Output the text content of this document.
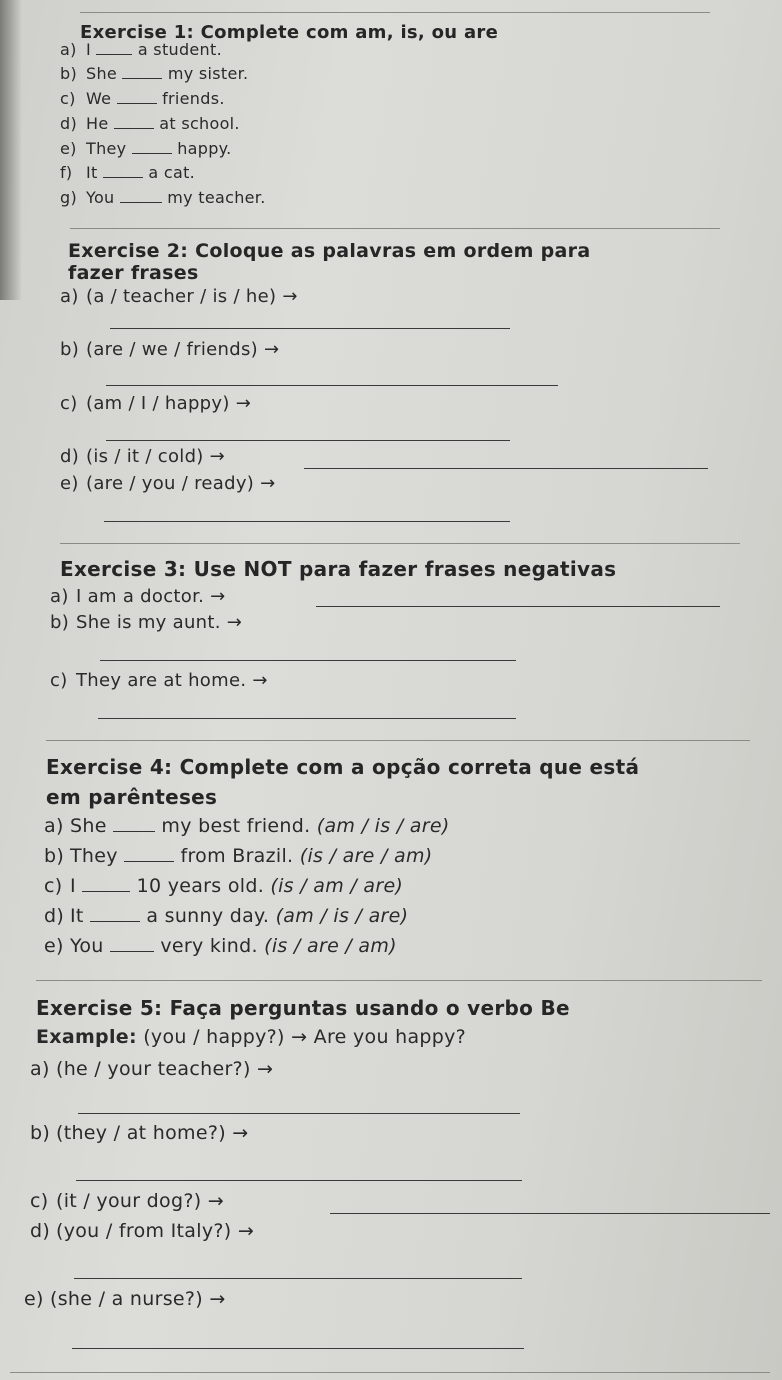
Exercise 1: Complete com am, is, ou are
a) I	a student.
b) She	my sister.
c) We	friends.
d) He	at school.
e) They	happy.
f) It	a cat.
g) You	my teacher.
Exercise 2: Coloque as palavras em ordem para
fazer frases
a) (a / teacher / is / he) →
b) (are / we / friends) →
c) (am / I / happy) →
d) (is / it / cold) →
e) (are / you / ready) →
Exercise 3: Use NOT para fazer frases negativas
a) I am a doctor. →
b) She is my aunt. →
c) They are at home. →
Exercise 4: Complete com a opção correta que está
em parênteses
a) She	my best friend. (am / is / are)
b) They	from Brazil. (is / are / am)
c) I	10 years old. (is / am / are)
d) It	a sunny day. (am / is / are)
e) You	very kind. (is / are / am)
Exercise 5: Faça perguntas usando o verbo Be
Example: (you / happy?) → Are you happy?
a) (he / your teacher?) →
b) (they / at home?) →
c) (it / your dog?) →
d) (you / from Italy?) →
e) (she / a nurse?) →
